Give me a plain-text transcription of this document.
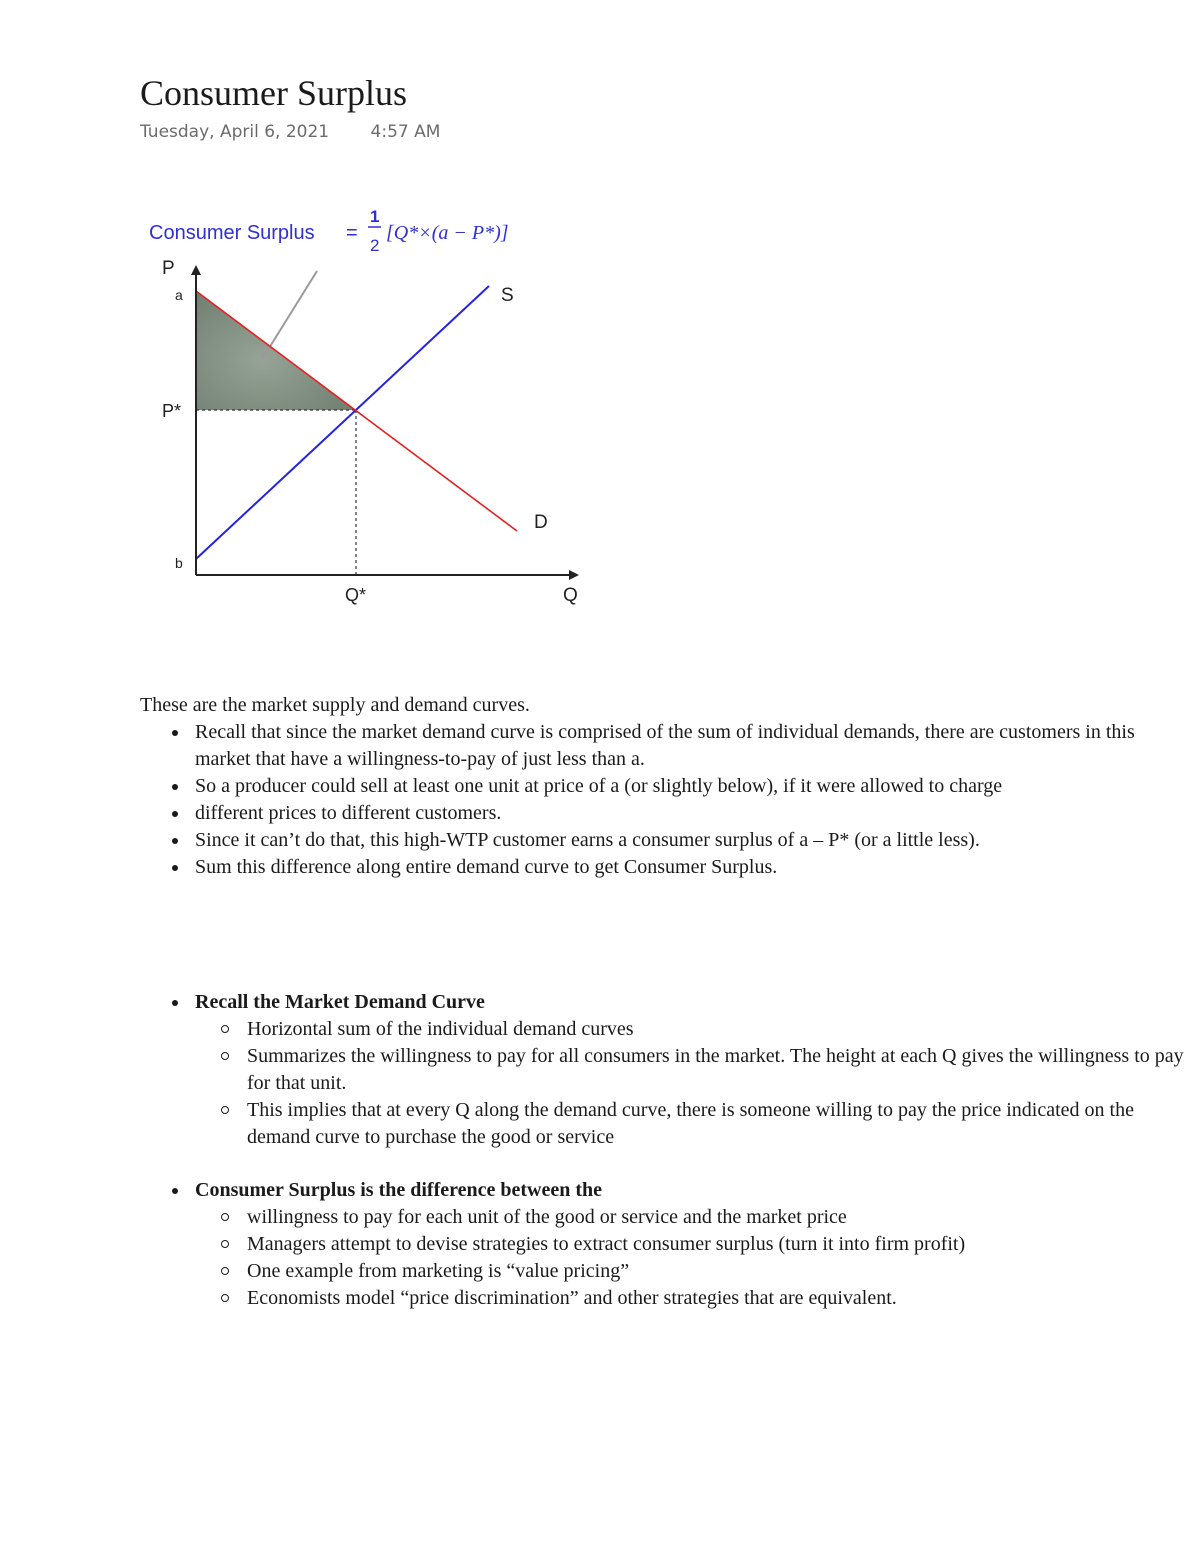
Consumer Surplus
Tuesday, April 6, 2021 4:57 AM
Consumer Surplus =
1
2
[Q*×(a − P*)]
P
Q
a
b
P*
Q*
S
D

These are the market supply and demand curves.

Recall that since the market demand curve is comprised of the sum of individual demands, there are customers in this market that have a willingness-to-pay of just less than a.
So a producer could sell at least one unit at price of a (or slightly below), if it were allowed to charge
different prices to different customers.
Since it can’t do that, this high-WTP customer earns a consumer surplus of a – P* (or a little less).
Sum this difference along entire demand curve to get Consumer Surplus.
Recall the Market Demand Curve
Horizontal sum of the individual demand curves
Summarizes the willingness to pay for all consumers in the market. The height at each Q gives the willingness to pay for that unit.
This implies that at every Q along the demand curve, there is someone willing to pay the price indicated on the demand curve to purchase the good or service
Consumer Surplus is the difference between the
willingness to pay for each unit of the good or service and the market price
Managers attempt to devise strategies to extract consumer surplus (turn it into firm profit)
One example from marketing is “value pricing”
Economists model “price discrimination” and other strategies that are equivalent.
